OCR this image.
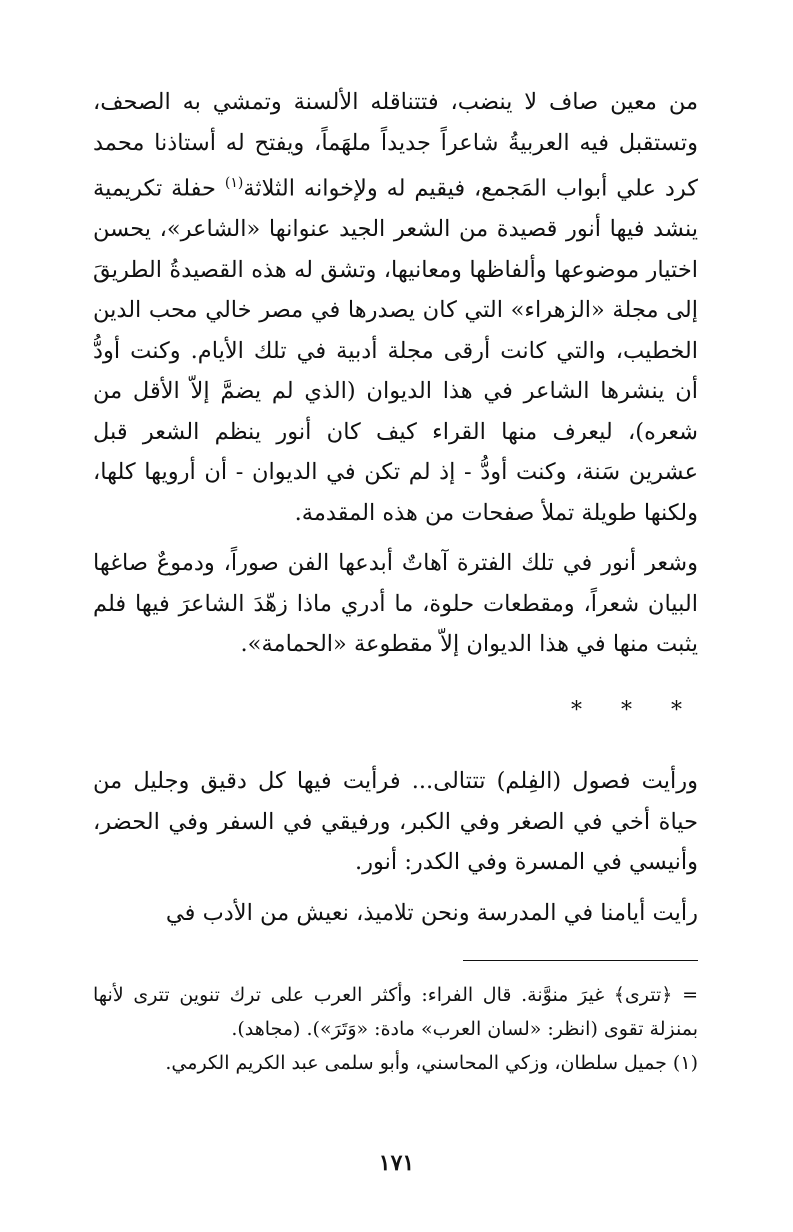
من معين صاف لا ينضب، فتتناقله الألسنة وتمشي به الصحف، وتستقبل فيه العربيةُ شاعراً جديداً ملهَماً، ويفتح له أستاذنا محمد كرد علي أبواب المَجمع، فيقيم له ولإخوانه الثلاثة$^{(١)}$ حفلة تكريمية ينشد فيها أنور قصيدة من الشعر الجيد عنوانها «الشاعر»، يحسن اختيار موضوعها وألفاظها ومعانيها، وتشق له هذه القصيدةُ الطريقَ إلى مجلة «الزهراء» التي كان يصدرها في مصر خالي محب الدين الخطيب، والتي كانت أرقى مجلة أدبية في تلك الأيام. وكنت أودُّ أن ينشرها الشاعر في هذا الديوان (الذي لم يضمَّ إلاّ الأقل من شعره)، ليعرف منها القراء كيف كان أنور ينظم الشعر قبل عشرين سَنة، وكنت أودُّ - إذ لم تكن في الديوان - أن أرويها كلها، ولكنها طويلة تملأ صفحات من هذه المقدمة.

وشعر أنور في تلك الفترة آهاتٌ أبدعها الفن صوراً، ودموعٌ صاغها البيان شعراً، ومقطعات حلوة، ما أدري ماذا زهّدَ الشاعرَ فيها فلم يثبت منها في هذا الديوان إلاّ مقطوعة «الحمامة».

* * *

ورأيت فصول (الفِلم) تتتالى... فرأيت فيها كل دقيق وجليل من حياة أخي في الصغر وفي الكبر، ورفيقي في السفر وفي الحضر، وأنيسي في المسرة وفي الكدر: أنور.

رأيت أيامنا في المدرسة ونحن تلاميذ، نعيش من الأدب في

= ﴿تترى﴾ غيرَ منوَّنة. قال الفراء: وأكثر العرب على ترك تنوين تترى لأنها بمنزلة تقوى (انظر: «لسان العرب» مادة: «وَتَرَ»). (مجاهد).

(١) جميل سلطان، وزكي المحاسني، وأبو سلمى عبد الكريم الكرمي.

١٧١
